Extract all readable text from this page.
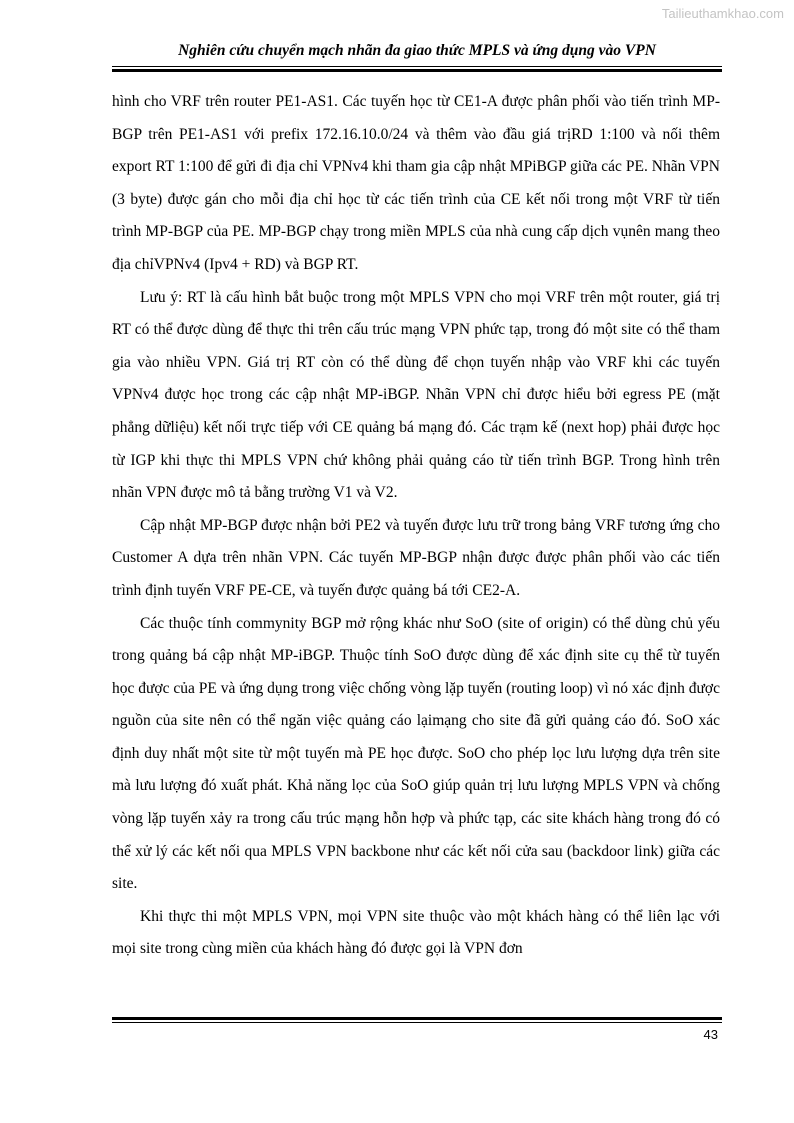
Tailieuthamkhao.com
Nghiên cứu chuyển mạch nhãn đa giao thức MPLS và ứng dụng vào VPN

hình cho VRF trên router PE1-AS1. Các tuyến học từ CE1-A được phân phối vào tiến trình MP-BGP trên PE1-AS1 với prefix 172.16.10.0/24 và thêm vào đầu giá trịRD 1:100 và nối thêm export RT 1:100 để gửi đi địa chỉ VPNv4 khi tham gia cập nhật MPiBGP giữa các PE. Nhãn VPN (3 byte) được gán cho mỗi địa chỉ học từ các tiến trình của CE kết nối trong một VRF từ tiến trình MP-BGP của PE. MP-BGP chạy trong miền MPLS của nhà cung cấp dịch vụnên mang theo địa chỉVPNv4 (Ipv4 + RD) và BGP RT.

Lưu ý: RT là cấu hình bắt buộc trong một MPLS VPN cho mọi VRF trên một router, giá trị RT có thể được dùng để thực thi trên cấu trúc mạng VPN phức tạp, trong đó một site có thể tham gia vào nhiều VPN. Giá trị RT còn có thể dùng để chọn tuyến nhập vào VRF khi các tuyến VPNv4 được học trong các cập nhật MP-iBGP. Nhãn VPN chỉ được hiểu bởi egress PE (mặt phẳng dữliệu) kết nối trực tiếp với CE quảng bá mạng đó. Các trạm kế (next hop) phải được học từ IGP khi thực thi MPLS VPN chứ không phải quảng cáo từ tiến trình BGP. Trong hình trên nhãn VPN được mô tả bằng trường V1 và V2.

Cập nhật MP-BGP được nhận bởi PE2 và tuyến được lưu trữ trong bảng VRF tương ứng cho Customer A dựa trên nhãn VPN. Các tuyến MP-BGP nhận được được phân phối vào các tiến trình định tuyến VRF PE-CE, và tuyến được quảng bá tới CE2-A.

Các thuộc tính commynity BGP mở rộng khác như SoO (site of origin) có thể dùng chủ yếu trong quảng bá cập nhật MP-iBGP. Thuộc tính SoO được dùng để xác định site cụ thể từ tuyến học được của PE và ứng dụng trong việc chống vòng lặp tuyến (routing loop) vì nó xác định được nguồn của site nên có thể ngăn việc quảng cáo lạimạng cho site đã gửi quảng cáo đó. SoO xác định duy nhất một site từ một tuyến mà PE học được. SoO cho phép lọc lưu lượng dựa trên site mà lưu lượng đó xuất phát. Khả năng lọc của SoO giúp quản trị lưu lượng MPLS VPN và chống vòng lặp tuyến xảy ra trong cấu trúc mạng hỗn hợp và phức tạp, các site khách hàng trong đó có thể xử lý các kết nối qua MPLS VPN backbone như các kết nối cửa sau (backdoor link) giữa các site.

Khi thực thi một MPLS VPN, mọi VPN site thuộc vào một khách hàng có thể liên lạc với mọi site trong cùng miền của khách hàng đó được gọi là VPN đơn

43
